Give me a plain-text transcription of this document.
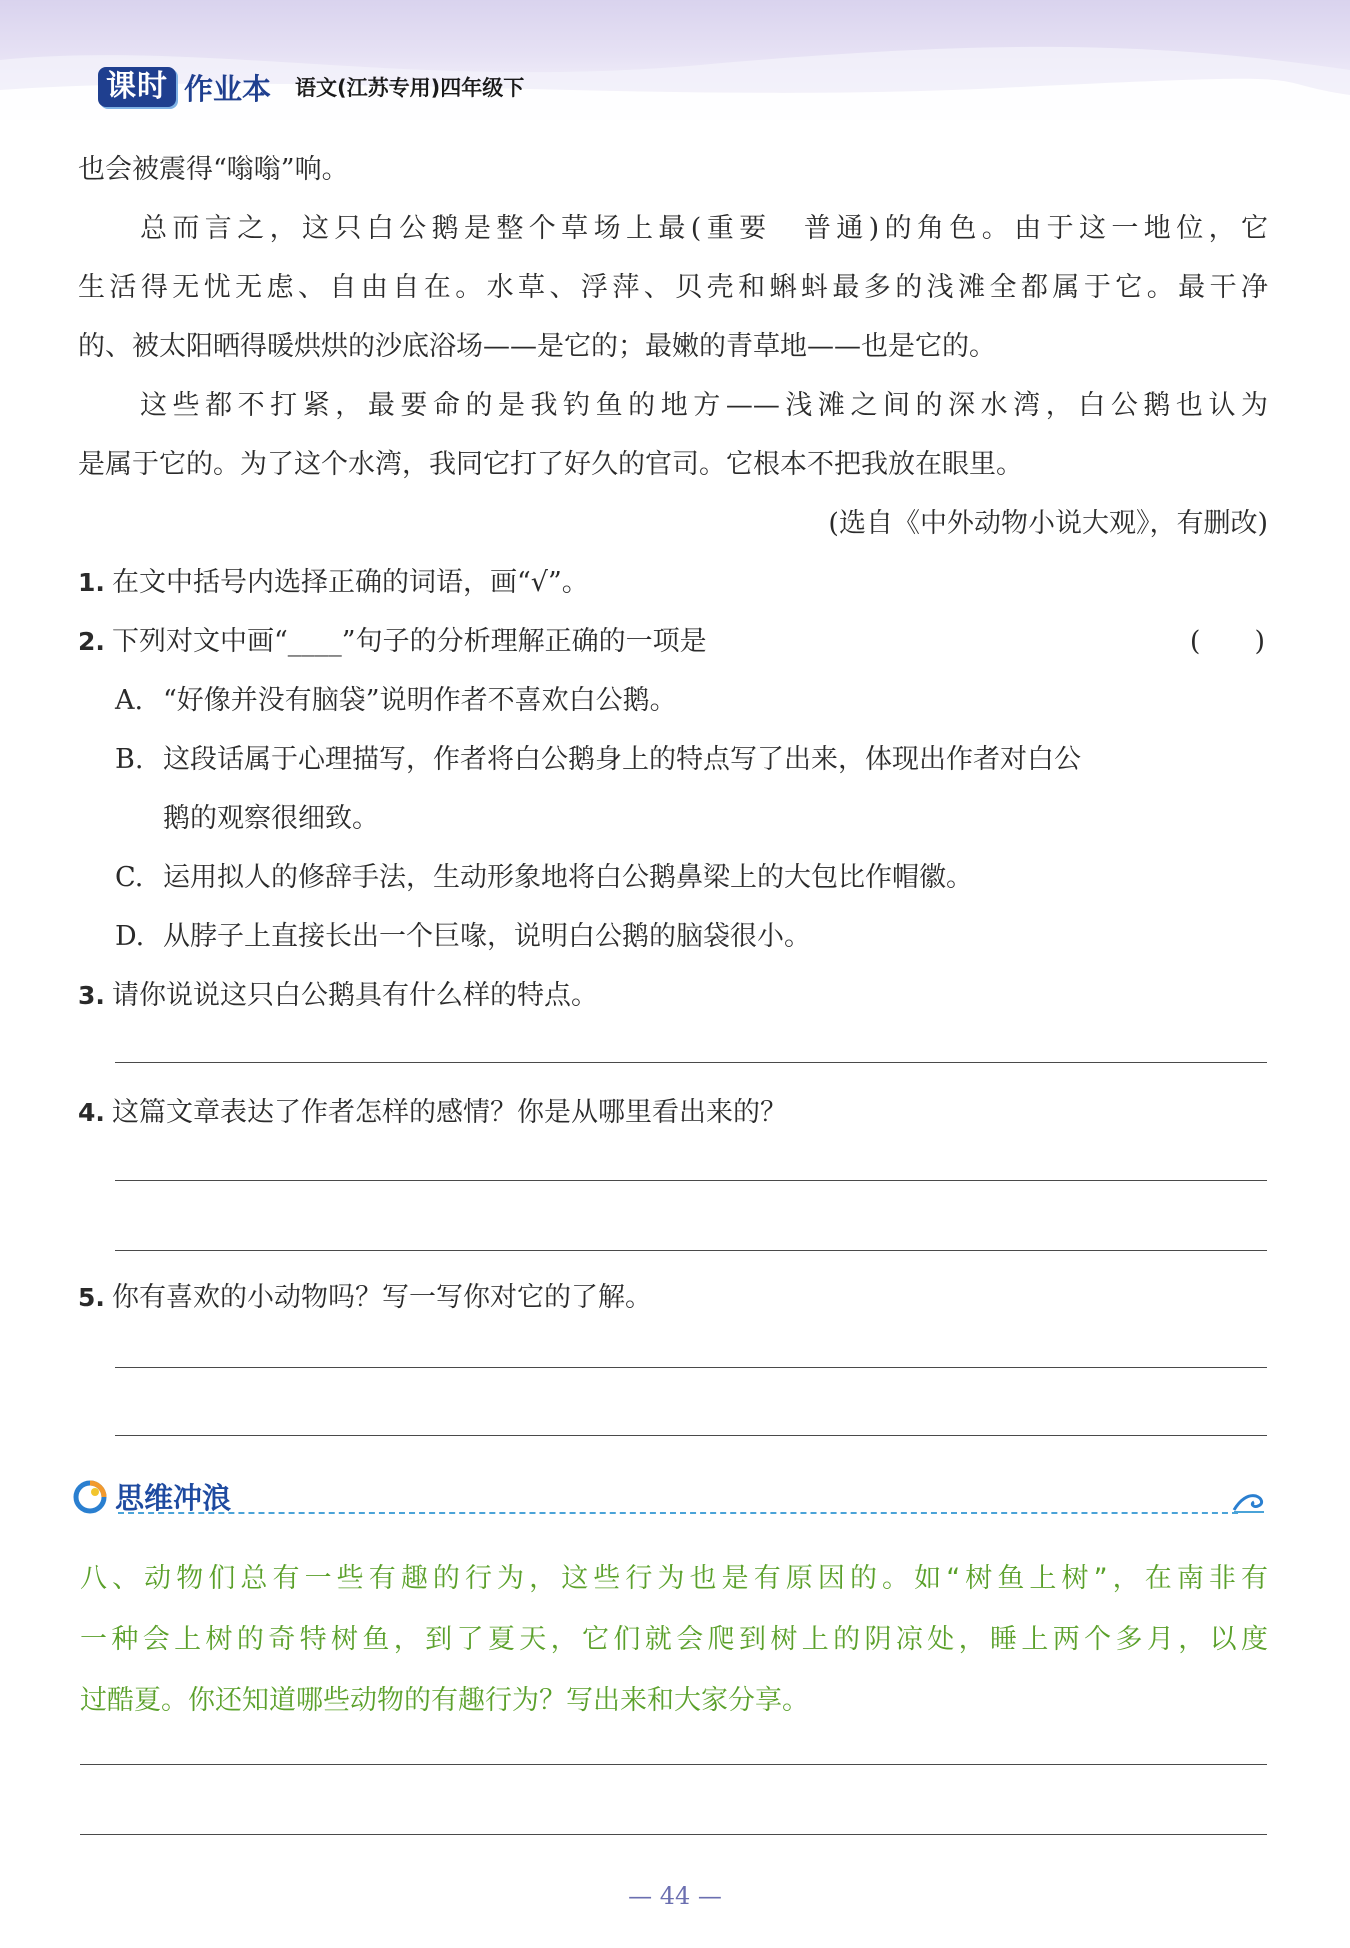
课时 作业本 语文(江苏专用)四年级下
也会被震得“嗡嗡”响。
总而言之，这只白公鹅是整个草场上最(重要　普通)的角色。由于这一地位，它
生活得无忧无虑、自由自在。水草、浮萍、贝壳和蝌蚪最多的浅滩全都属于它。最干净
的、被太阳晒得暖烘烘的沙底浴场——是它的；最嫩的青草地——也是它的。
这些都不打紧，最要命的是我钓鱼的地方——浅滩之间的深水湾，白公鹅也认为
是属于它的。为了这个水湾，我同它打了好久的官司。它根本不把我放在眼里。
(选自《中外动物小说大观》，有删改)
1. 在文中括号内选择正确的词语，画“√”。
2. 下列对文中画“____”句子的分析理解正确的一项是	(　　)
A. “好像并没有脑袋”说明作者不喜欢白公鹅。
B. 这段话属于心理描写，作者将白公鹅身上的特点写了出来，体现出作者对白公
鹅的观察很细致。
C. 运用拟人的修辞手法，生动形象地将白公鹅鼻梁上的大包比作帽徽。
D. 从脖子上直接长出一个巨喙，说明白公鹅的脑袋很小。
3. 请你说说这只白公鹅具有什么样的特点。
4. 这篇文章表达了作者怎样的感情？你是从哪里看出来的？
5. 你有喜欢的小动物吗？写一写你对它的了解。
思维冲浪
八、动物们总有一些有趣的行为，这些行为也是有原因的。如“树鱼上树”，在南非有
一种会上树的奇特树鱼，到了夏天，它们就会爬到树上的阴凉处，睡上两个多月，以度
过酷夏。你还知道哪些动物的有趣行为？写出来和大家分享。
— 44 —
